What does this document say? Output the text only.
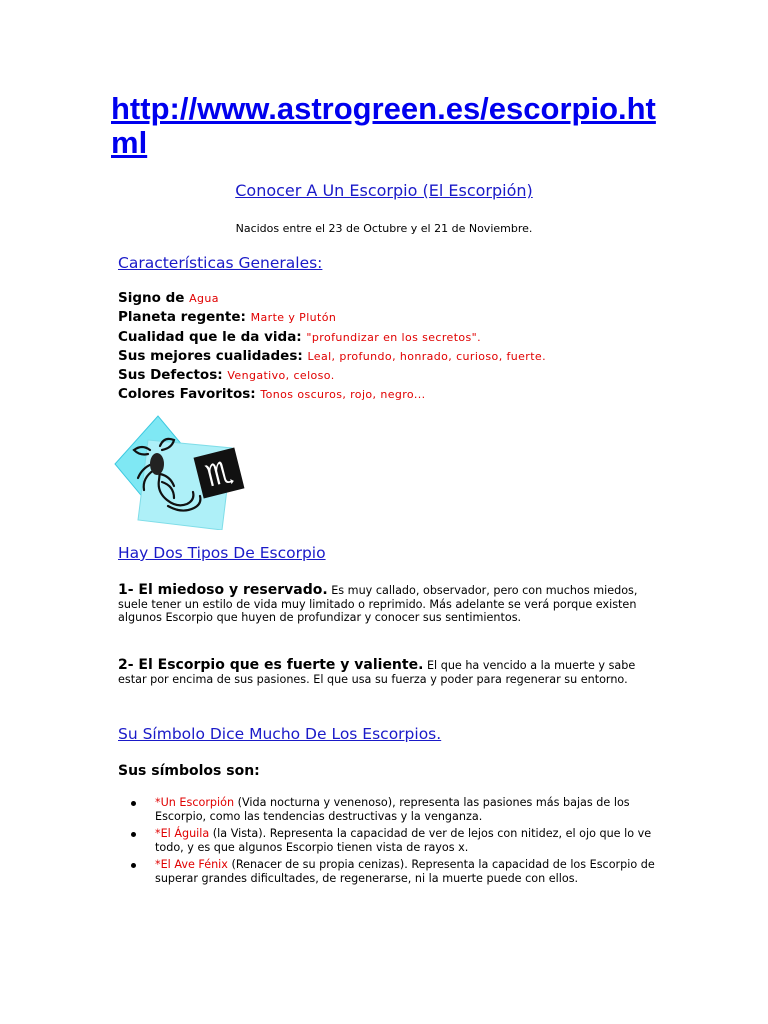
http://www.astrogreen.es/escorpio.html

Conocer A Un Escorpio (El Escorpión)

Nacidos entre el 23 de Octubre y el 21 de Noviembre.

Características Generales:

Signo de Agua
Planeta regente: Marte y Plutón
Cualidad que le da vida: "profundizar en los secretos".
Sus mejores cualidades: Leal, profundo, honrado, curioso, fuerte.
Sus Defectos: Vengativo, celoso.
Colores Favoritos: Tonos oscuros, rojo, negro...
♏

Hay Dos Tipos De Escorpio

1- El miedoso y reservado. Es muy callado, observador, pero con muchos miedos, suele tener un estilo de vida muy limitado o reprimido. Más adelante se verá porque existen algunos Escorpio que huyen de profundizar y conocer sus sentimientos.

2- El Escorpio que es fuerte y valiente. El que ha vencido a la muerte y sabe estar por encima de sus pasiones. El que usa su fuerza y poder para regenerar su entorno.

Su Símbolo Dice Mucho De Los Escorpios.

Sus símbolos son:

*Un Escorpión (Vida nocturna y venenoso), representa las pasiones más bajas de los Escorpio, como las tendencias destructivas y la venganza.
*El Águila (la Vista). Representa la capacidad de ver de lejos con nitidez, el ojo que lo ve todo, y es que algunos Escorpio tienen vista de rayos x.
*El Ave Fénix (Renacer de su propia cenizas). Representa la capacidad de los Escorpio de superar grandes dificultades, de regenerarse, ni la muerte puede con ellos.
